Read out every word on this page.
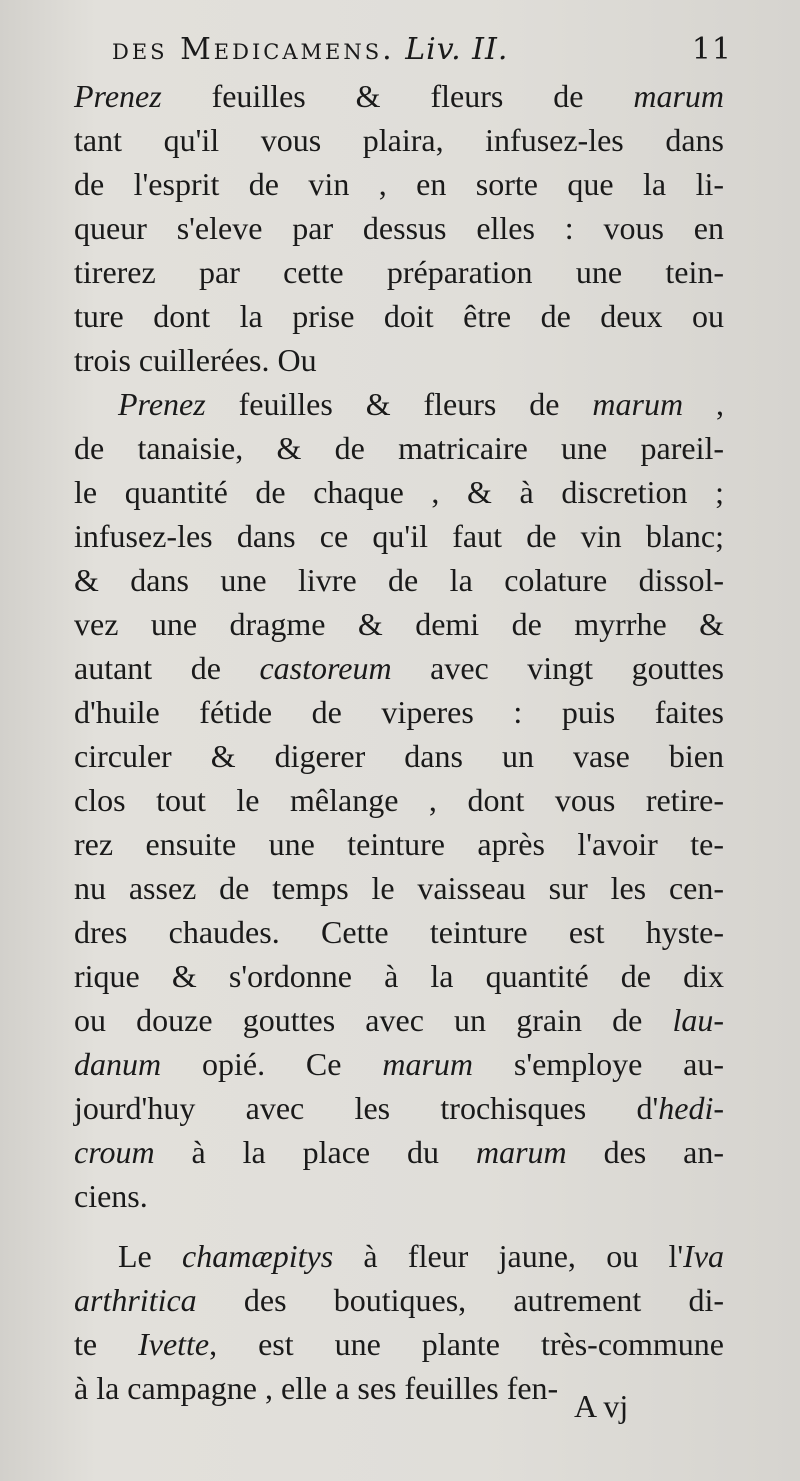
des Medicamens. Liv. II.	11
Prenez feuilles & fleurs de marum
tant qu'il vous plaira, infusez-les dans
de l'esprit de vin , en sorte que la li-
queur s'eleve par dessus elles : vous en
tirerez par cette préparation une tein-
ture dont la prise doit être de deux ou
trois cuillerées. Ou
Prenez feuilles & fleurs de marum ,
de tanaisie, & de matricaire une pareil-
le quantité de chaque , & à discretion ;
infusez-les dans ce qu'il faut de vin blanc;
& dans une livre de la colature dissol-
vez une dragme & demi de myrrhe &
autant de castoreum avec vingt gouttes
d'huile fétide de viperes : puis faites
circuler & digerer dans un vase bien
clos tout le mêlange , dont vous retire-
rez ensuite une teinture après l'avoir te-
nu assez de temps le vaisseau sur les cen-
dres chaudes. Cette teinture est hyste-
rique & s'ordonne à la quantité de dix
ou douze gouttes avec un grain de lau-
danum opié. Ce marum s'employe au-
jourd'huy avec les trochisques d'hedi-
croum à la place du marum des an-
ciens.
Le chamæpitys à fleur jaune, ou l'Iva
arthritica des boutiques, autrement di-
te Ivette, est une plante très-commune
à la campagne , elle a ses feuilles fen- A vj
